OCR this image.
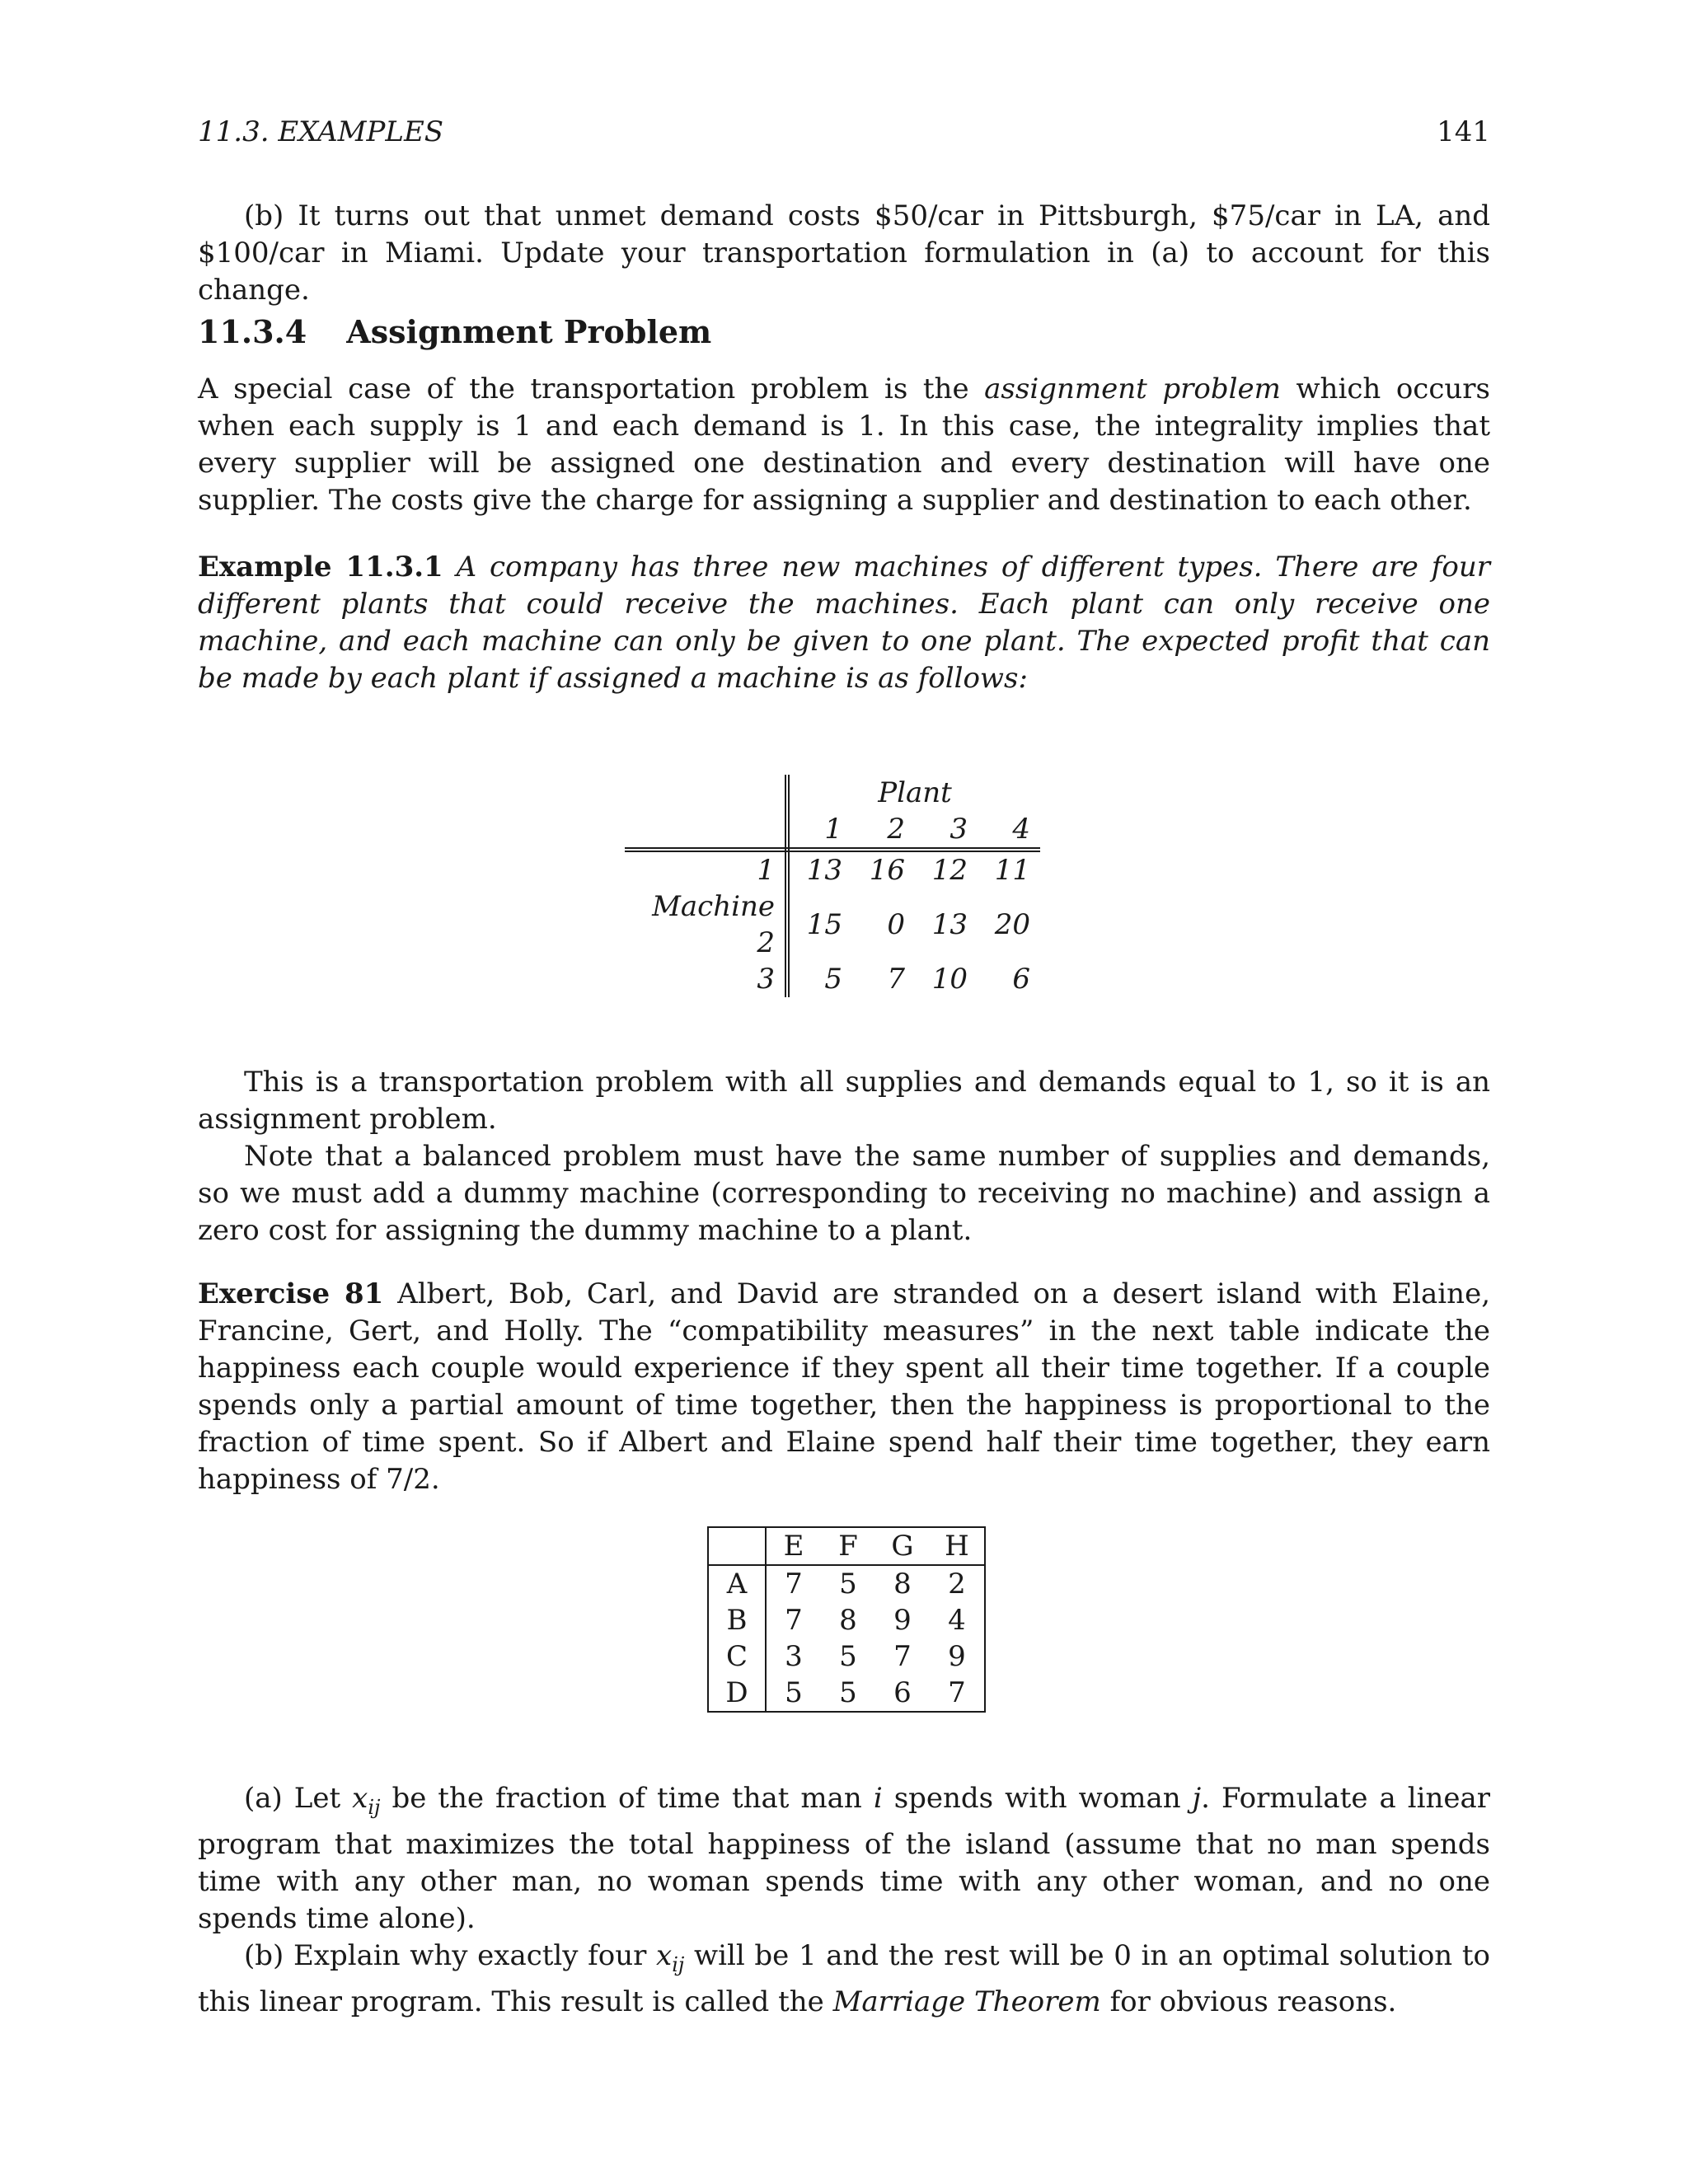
11.3. EXAMPLES	141

(b) It turns out that unmet demand costs $50/car in Pittsburgh, $75/car in LA, and $100/car in Miami. Update your transportation formulation in (a) to account for this change.

11.3.4 Assignment Problem

A special case of the transportation problem is the assignment problem which occurs when each supply is 1 and each demand is 1. In this case, the integrality implies that every supplier will be assigned one destination and every destination will have one supplier. The costs give the charge for assigning a supplier and destination to each other.

Example 11.3.1 A company has three new machines of different types. There are four different plants that could receive the machines. Each plant can only receive one machine, and each machine can only be given to one plant. The expected profit that can be made by each plant if assigned a machine is as follows:

	Plant			
	1	2	3	4
1	13	16	12	11
Machine 2	15	0	13	20
3	5	7	10	6

This is a transportation problem with all supplies and demands equal to 1, so it is an assignment problem.

Note that a balanced problem must have the same number of supplies and demands, so we must add a dummy machine (corresponding to receiving no machine) and assign a zero cost for assigning the dummy machine to a plant.

Exercise 81 Albert, Bob, Carl, and David are stranded on a desert island with Elaine, Francine, Gert, and Holly. The “compatibility measures” in the next table indicate the happiness each couple would experience if they spent all their time together. If a couple spends only a partial amount of time together, then the happiness is proportional to the fraction of time spent. So if Albert and Elaine spend half their time together, they earn happiness of 7/2.

	E	F	G	H
A	7	5	8	2
B	7	8	9	4
C	3	5	7	9
D	5	5	6	7

(a) Let $x_{ij}$ be the fraction of time that man i spends with woman j. Formulate a linear program that maximizes the total happiness of the island (assume that no man spends time with any other man, no woman spends time with any other woman, and no one spends time alone).

(b) Explain why exactly four $x_{ij}$ will be 1 and the rest will be 0 in an optimal solution to this linear program. This result is called the Marriage Theorem for obvious reasons.
